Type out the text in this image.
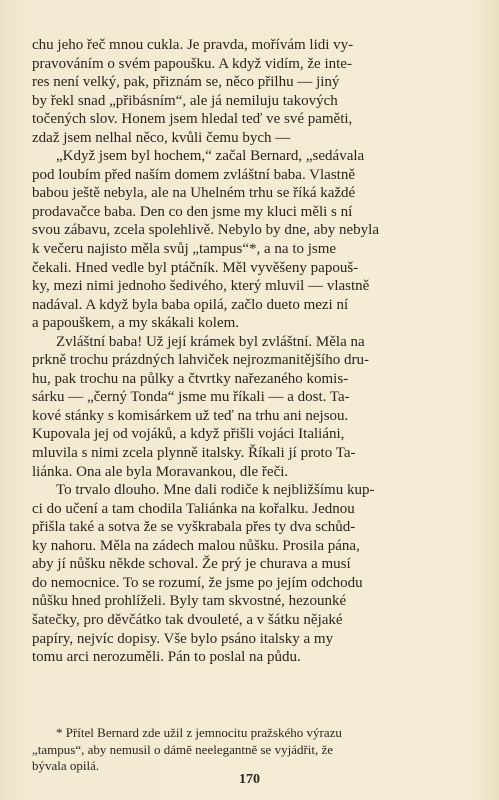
chu jeho řeč mnou cukla. Je pravda, mořívám lidi vy-
pravováním o svém papoušku. A když vidím, že inte-
res není velký, pak, přiznám se, něco přilhu — jiný
by řekl snad „přibásním“, ale já nemiluju takových
točených slov. Honem jsem hledal teď ve své paměti,
zdaž jsem nelhal něco, kvůli čemu bych —

„Když jsem byl hochem,“ začal Bernard, „sedávala
pod loubím před naším domem zvláštní baba. Vlastně
babou ještě nebyla, ale na Uhelném trhu se říká každé
prodavačce baba. Den co den jsme my kluci měli s ní
svou zábavu, zcela spolehlivě. Nebylo by dne, aby nebyla
k večeru najisto měla svůj „tampus“*, a na to jsme
čekali. Hned vedle byl ptáčník. Měl vyvěšeny papouš-
ky, mezi nimi jednoho šedivého, který mluvil — vlastně
nadával. A když byla baba opilá, začlo dueto mezi ní
a papouškem, a my skákali kolem.

Zvláštní baba! Už její krámek byl zvláštní. Měla na
prkně trochu prázdných lahviček nejrozmanitějšího dru-
hu, pak trochu na půlky a čtvrtky nařezaného komis-
sárku — „černý Tonda“ jsme mu říkali — a dost. Ta-
kové stánky s komisárkem už teď na trhu ani nejsou.
Kupovala jej od vojáků, a když přišli vojáci Italiáni,
mluvila s nimi zcela plynně italsky. Říkali jí proto Ta-
liánka. Ona ale byla Moravankou, dle řeči.

To trvalo dlouho. Mne dali rodiče k nejbližšímu kup-
ci do učení a tam chodila Taliánka na kořalku. Jednou
přišla také a sotva že se vyškrabala přes ty dva schůd-
ky nahoru. Měla na zádech malou nůšku. Prosila pána,
aby jí nůšku někde schoval. Že prý je churava a musí
do nemocnice. To se rozumí, že jsme po jejím odchodu
nůšku hned prohlíželi. Byly tam skvostné, hezounké
šatečky, pro děvčátko tak dvouleté, a v šátku nějaké
papíry, nejvíc dopisy. Vše bylo psáno italsky a my
tomu arci nerozuměli. Pán to poslal na půdu.

* Přítel Bernard zde užil z jemnocitu pražského výrazu
„tampus“, aby nemusil o dámě neelegantně se vyjádřit, že
bývala opilá.
170
